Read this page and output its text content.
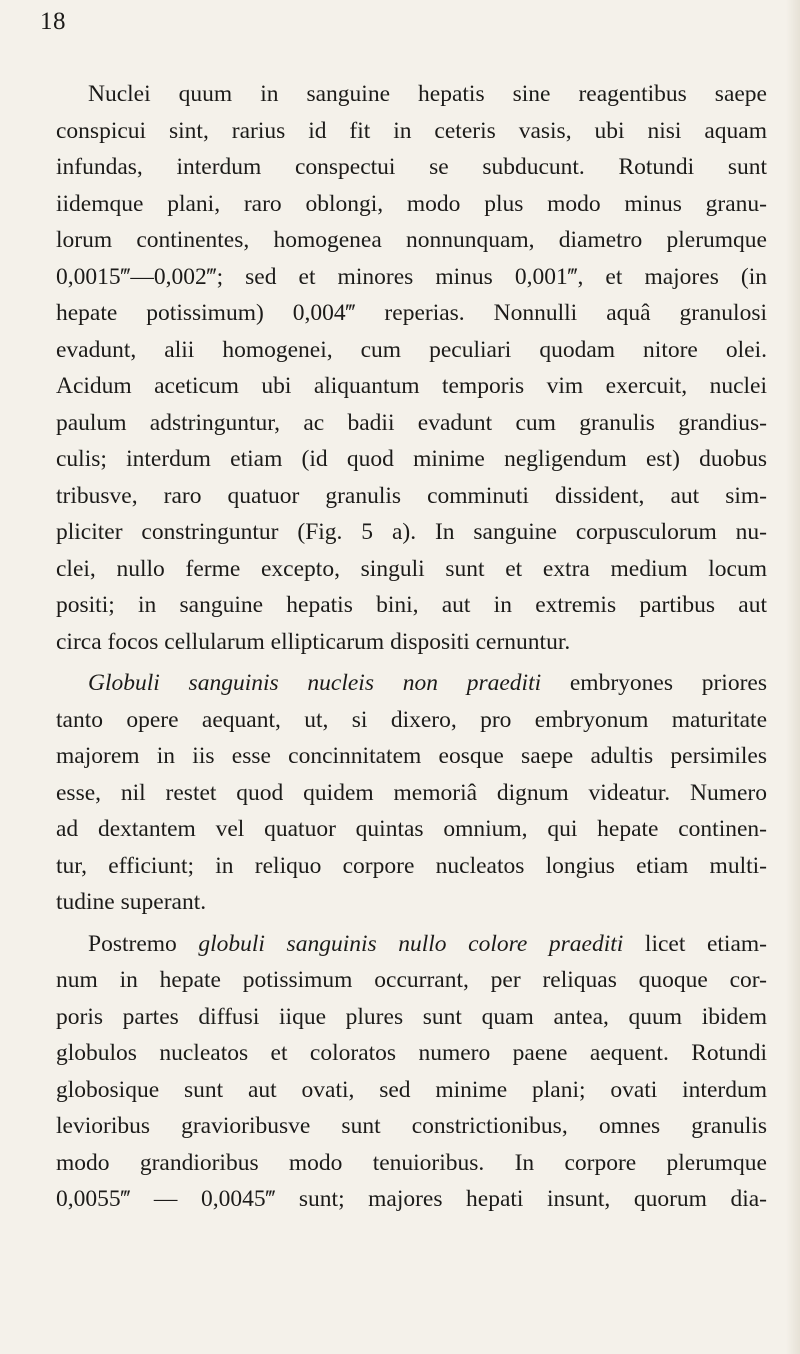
18
Nuclei quum in sanguine hepatis sine reagentibus saepe
conspicui sint, rarius id fit in ceteris vasis, ubi nisi aquam
infundas, interdum conspectui se subducunt. Rotundi sunt
iidemque plani, raro oblongi, modo plus modo minus granu-
lorum continentes, homogenea nonnunquam, diametro plerumque
0,0015‴—0,002‴; sed et minores minus 0,001‴, et majores (in
hepate potissimum) 0,004‴ reperias. Nonnulli aquâ granulosi
evadunt, alii homogenei, cum peculiari quodam nitore olei.
Acidum aceticum ubi aliquantum temporis vim exercuit, nuclei
paulum adstringuntur, ac badii evadunt cum granulis grandius-
culis; interdum etiam (id quod minime negligendum est) duobus
tribusve, raro quatuor granulis comminuti dissident, aut sim-
pliciter constringuntur (Fig. 5 a). In sanguine corpusculorum nu-
clei, nullo ferme excepto, singuli sunt et extra medium locum
positi; in sanguine hepatis bini, aut in extremis partibus aut
circa focos cellularum ellipticarum dispositi cernuntur.
Globuli sanguinis nucleis non praediti embryones priores
tanto opere aequant, ut, si dixero, pro embryonum maturitate
majorem in iis esse concinnitatem eosque saepe adultis persimiles
esse, nil restet quod quidem memoriâ dignum videatur. Numero
ad dextantem vel quatuor quintas omnium, qui hepate continen-
tur, efficiunt; in reliquo corpore nucleatos longius etiam multi-
tudine superant.
Postremo globuli sanguinis nullo colore praediti licet etiam-
num in hepate potissimum occurrant, per reliquas quoque cor-
poris partes diffusi iique plures sunt quam antea, quum ibidem
globulos nucleatos et coloratos numero paene aequent. Rotundi
globosique sunt aut ovati, sed minime plani; ovati interdum
levioribus gravioribusve sunt constrictionibus, omnes granulis
modo grandioribus modo tenuioribus. In corpore plerumque
0,0055‴ — 0,0045‴ sunt; majores hepati insunt, quorum dia-
